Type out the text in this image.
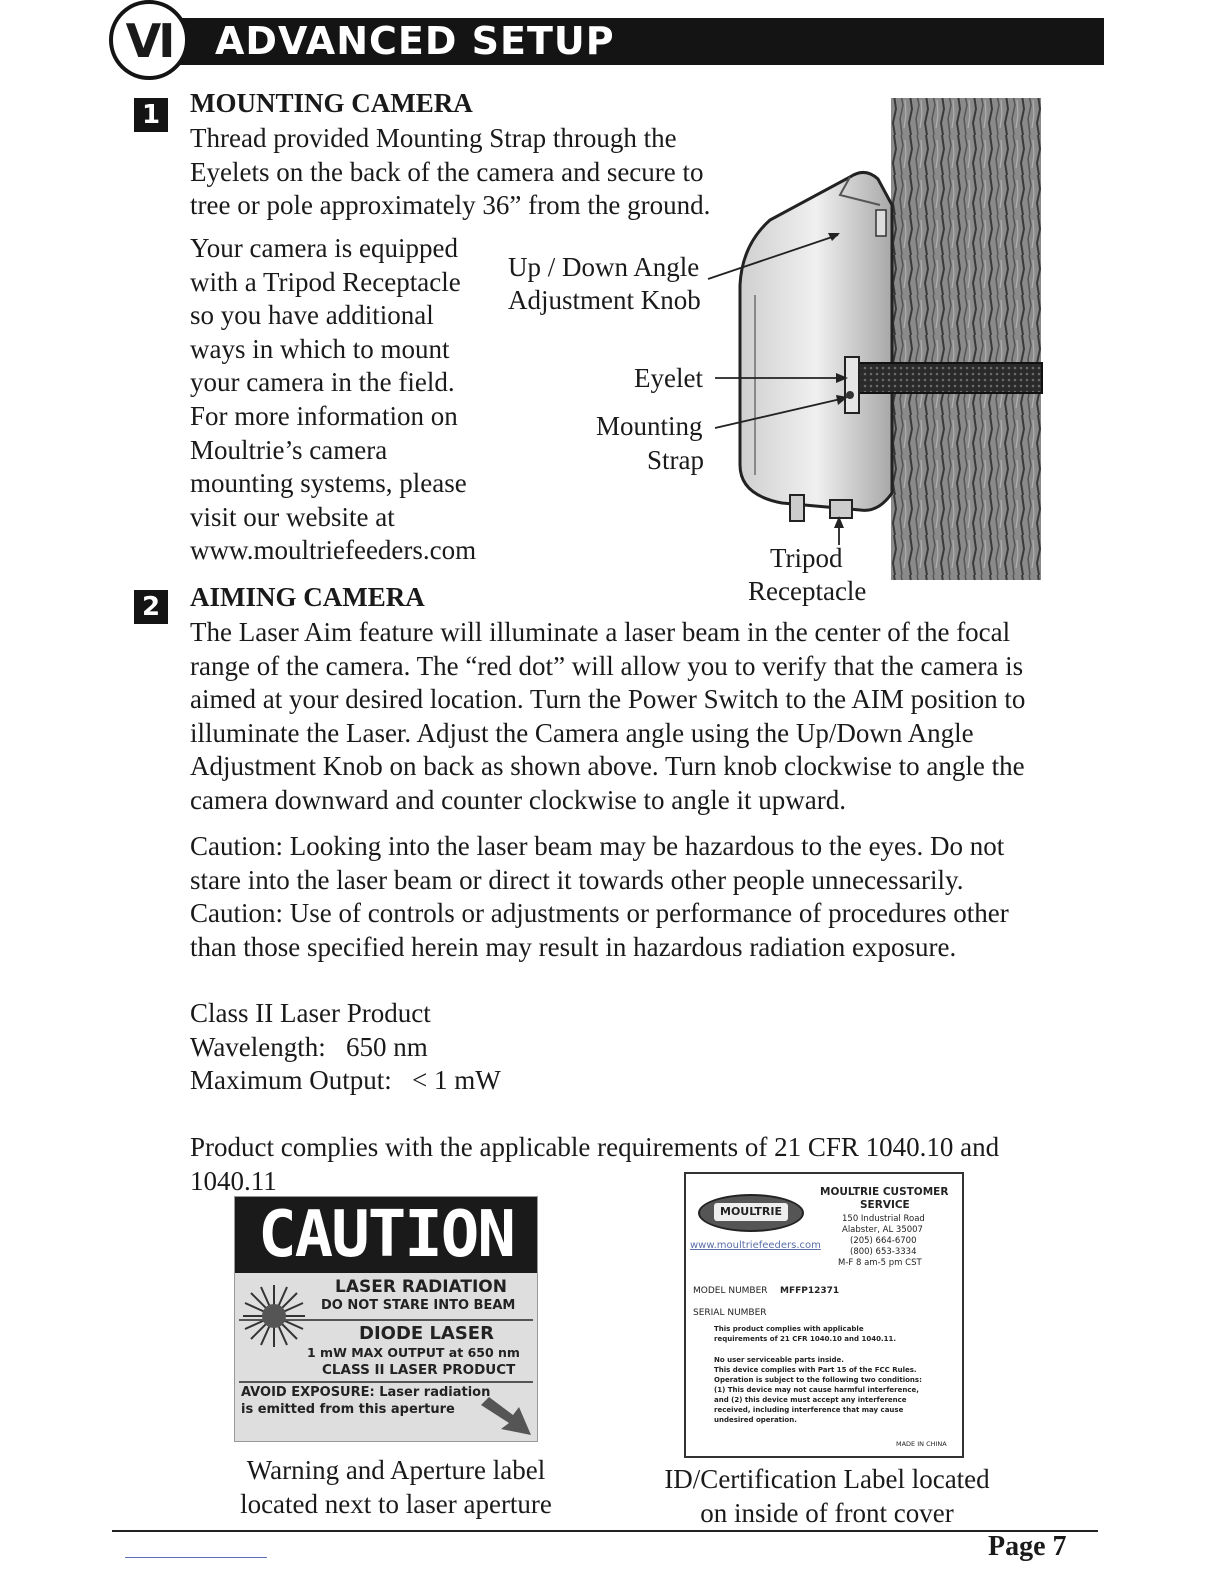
ADVANCED SETUP
VI
1 MOUNTING CAMERA
Thread provided Mounting Strap through the
Eyelets on the back of the camera and secure to
tree or pole approximately 36” from the ground.
Your camera is equipped
with a Tripod Receptacle
so you have additional
ways in which to mount
your camera in the field.
For more information on
Moultrie’s camera
mounting systems, please
visit our website at
www.moultriefeeders.com
Up / Down Angle
Adjustment Knob
Eyelet
Mounting
Strap
Tripod
Receptacle
2 AIMING CAMERA
The Laser Aim feature will illuminate a laser beam in the center of the focal
range of the camera. The “red dot” will allow you to verify that the camera is
aimed at your desired location. Turn the Power Switch to the AIM position to
illuminate the Laser. Adjust the Camera angle using the Up/Down Angle
Adjustment Knob on back as shown above. Turn knob clockwise to angle the
camera downward and counter clockwise to angle it upward.
Caution: Looking into the laser beam may be hazardous to the eyes. Do not
stare into the laser beam or direct it towards other people unnecessarily.
Caution: Use of controls or adjustments or performance of procedures other
than those specified herein may result in hazardous radiation exposure.
Class II Laser Product
Wavelength:   650 nm
Maximum Output:   < 1 mW
Product complies with the applicable requirements of 21 CFR 1040.10 and
1040.11
CAUTION
LASER RADIATION
DO NOT STARE INTO BEAM
DIODE LASER
1 mW MAX OUTPUT at 650 nm
CLASS II LASER PRODUCT
AVOID EXPOSURE: Laser radiation
is emitted from this aperture
Warning and Aperture label
located next to laser aperture
MOULTRIE
www.moultriefeeders.com
MOULTRIE CUSTOMER
SERVICE
150 Industrial Road
Alabster, AL 35007
(205) 664-6700
(800) 653-3334
M-F 8 am-5 pm CST
MODEL NUMBER MFFP12371
SERIAL NUMBER
This product complies with applicable
requirements of 21 CFR 1040.10 and 1040.11.
No user serviceable parts inside.
This device complies with Part 15 of the FCC Rules.
Operation is subject to the following two conditions:
(1) This device may not cause harmful interference,
and (2) this device must accept any interference
received, including interference that may cause
undesired operation.
MADE IN CHINA
ID/Certification Label located
on inside of front cover
Page 7
